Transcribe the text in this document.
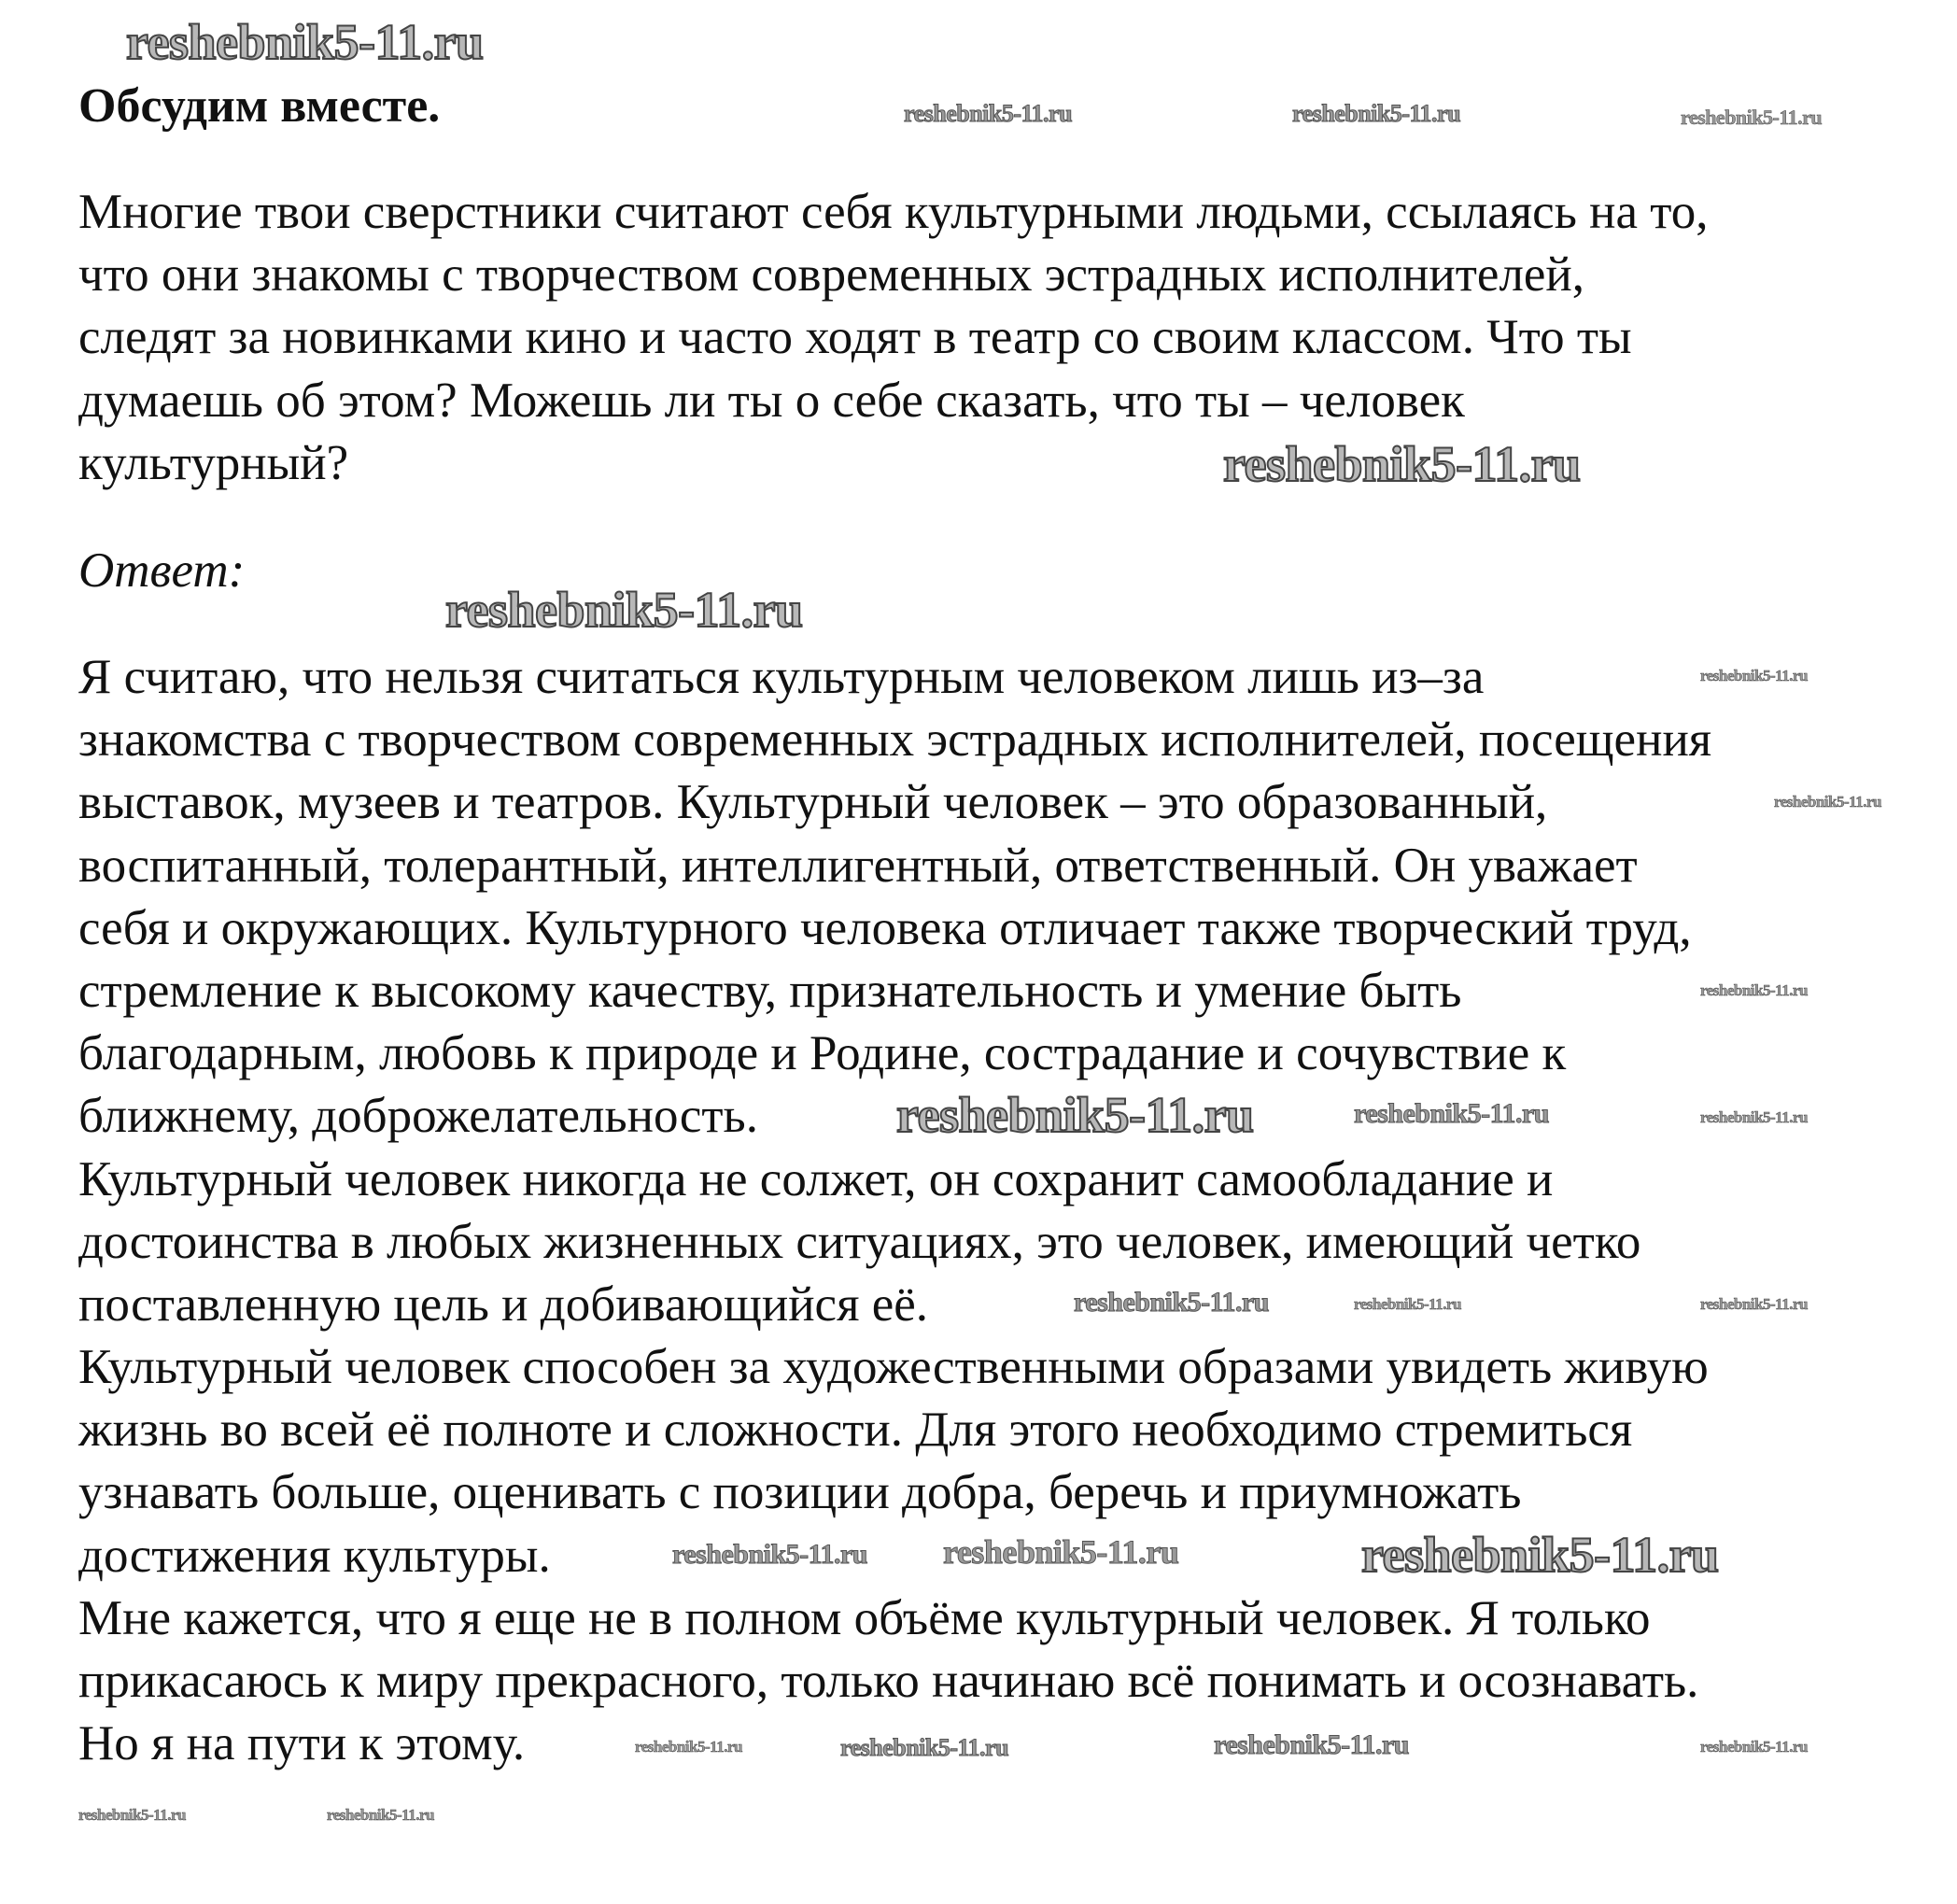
Обсудим вместе.
Многие твои сверстники считают себя культурными людьми, ссылаясь на то,
что они знакомы с творчеством современных эстрадных исполнителей,
следят за новинками кино и часто ходят в театр со своим классом. Что ты
думаешь об этом? Можешь ли ты о себе сказать, что ты – человек
культурный?
Ответ:
Я считаю, что нельзя считаться культурным человеком лишь из–за
знакомства с творчеством современных эстрадных исполнителей, посещения
выставок, музеев и театров. Культурный человек – это образованный,
воспитанный, толерантный, интеллигентный, ответственный. Он уважает
себя и окружающих. Культурного человека отличает также творческий труд,
стремление к высокому качеству, признательность и умение быть
благодарным, любовь к природе и Родине, сострадание и сочувствие к
ближнему, доброжелательность.
Культурный человек никогда не солжет, он сохранит самообладание и
достоинства в любых жизненных ситуациях, это человек, имеющий четко
поставленную цель и добивающийся её.
Культурный человек способен за художественными образами увидеть живую
жизнь во всей её полноте и сложности. Для этого необходимо стремиться
узнавать больше, оценивать с позиции добра, беречь и приумножать
достижения культуры.
Мне кажется, что я еще не в полном объёме культурный человек. Я только
прикасаюсь к миру прекрасного, только начинаю всё понимать и осознавать.
Но я на пути к этому.
reshebnik5-11.ru	reshebnik5-11.ru	reshebnik5-11.ru
reshebnik5-11.ru
reshebnik5-11.ru
reshebnik5-11.ru
reshebnik5-11.ru
reshebnik5-11.ru
reshebnik5-11.ru
reshebnik5-11.ru
reshebnik5-11.ru
reshebnik5-11.ru
reshebnik5-11.ru
reshebnik5-11.ru
reshebnik5-11.ru
reshebnik5-11.ru
reshebnik5-11.ru	reshebnik5-11.ru
reshebnik5-11.ru reshebnik5-11.ru	reshebnik5-11.ru
reshebnik5-11.ru
reshebnik5-11.ru	reshebnik5-11.ru
